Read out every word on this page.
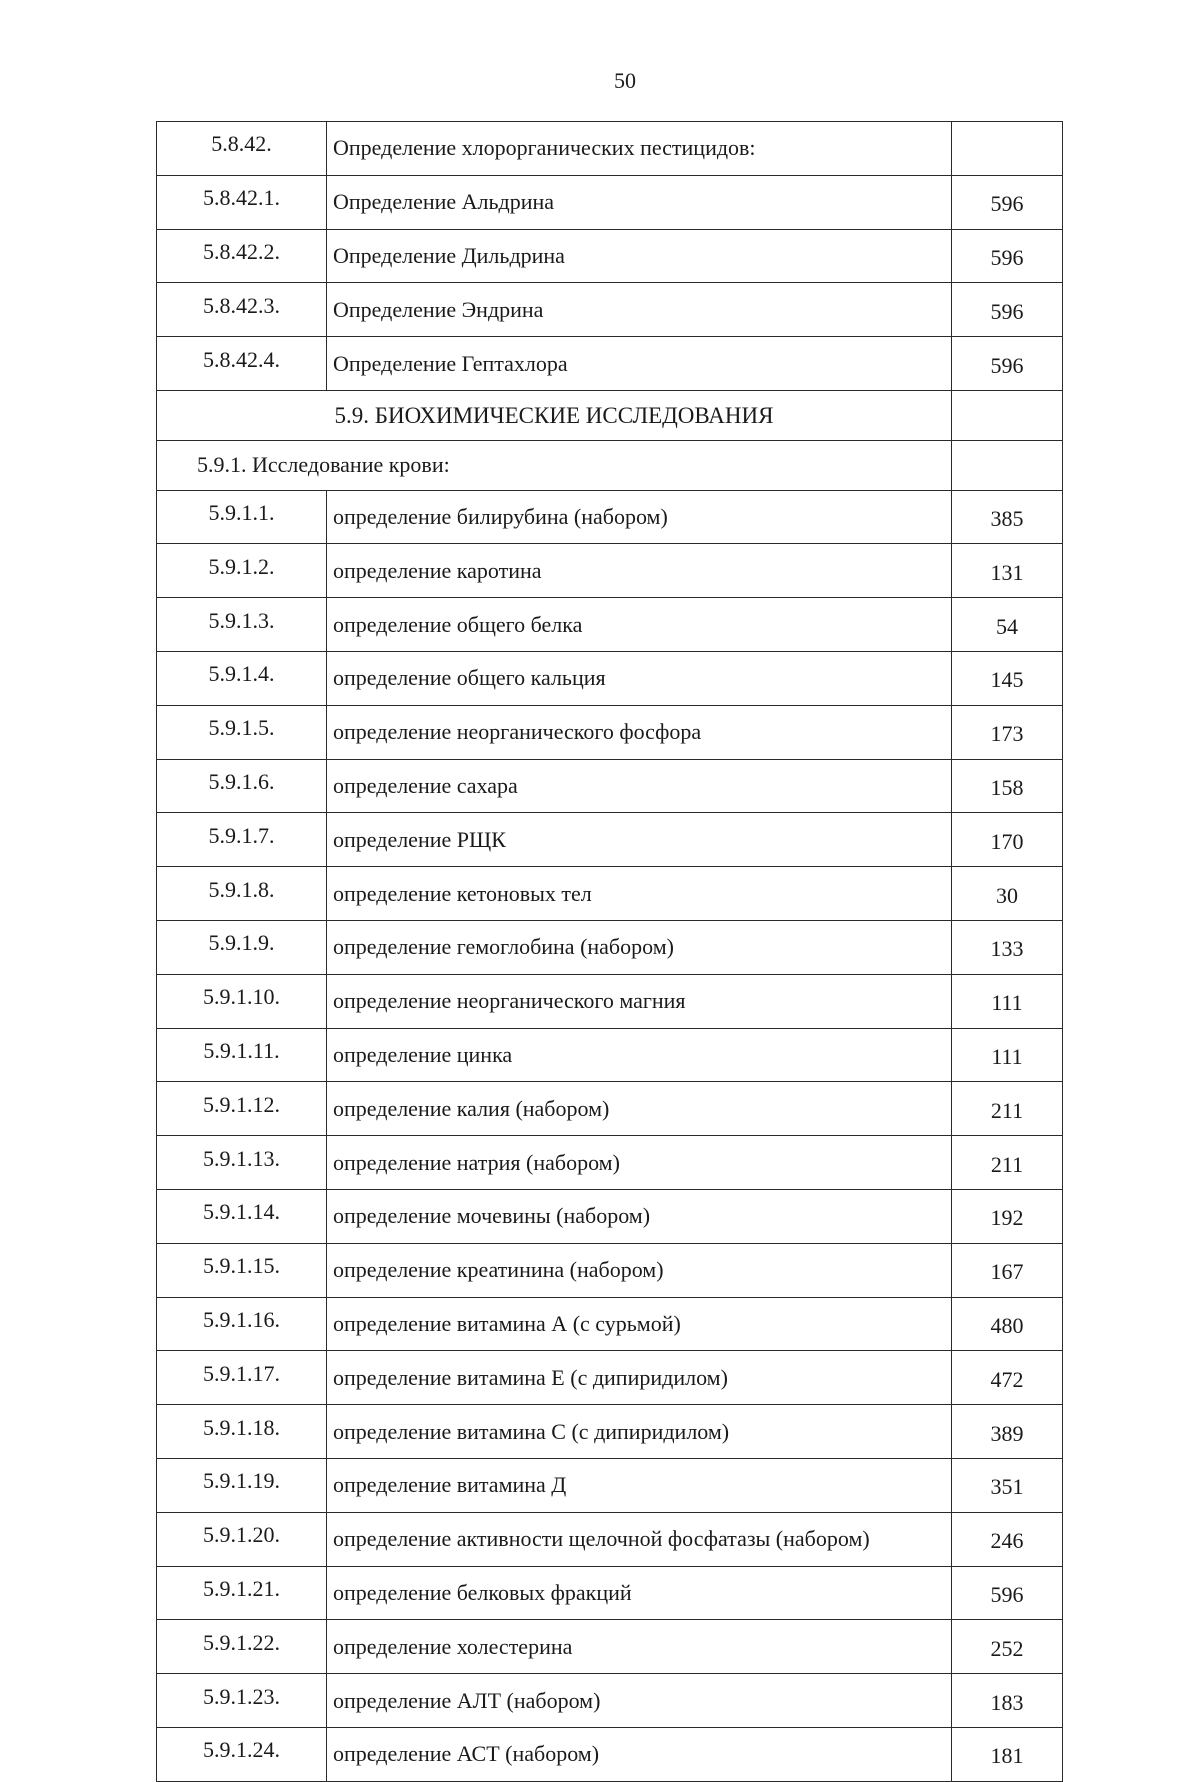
50
5.8.42.	Определение хлорорганических пестицидов:	
5.8.42.1.	Определение Альдрина	596
5.8.42.2.	Определение Дильдрина	596
5.8.42.3.	Определение Эндрина	596
5.8.42.4.	Определение Гептахлора	596
5.9. БИОХИМИЧЕСКИЕ ИССЛЕДОВАНИЯ		
5.9.1. Исследование крови:		
5.9.1.1.	определение билирубина (набором)	385
5.9.1.2.	определение каротина	131
5.9.1.3.	определение общего белка	54
5.9.1.4.	определение общего кальция	145
5.9.1.5.	определение неорганического фосфора	173
5.9.1.6.	определение сахара	158
5.9.1.7.	определение РЩК	170
5.9.1.8.	определение кетоновых тел	30
5.9.1.9.	определение гемоглобина (набором)	133
5.9.1.10.	определение неорганического магния	111
5.9.1.11.	определение цинка	111
5.9.1.12.	определение калия (набором)	211
5.9.1.13.	определение натрия (набором)	211
5.9.1.14.	определение мочевины (набором)	192
5.9.1.15.	определение креатинина (набором)	167
5.9.1.16.	определение витамина А (с сурьмой)	480
5.9.1.17.	определение витамина Е (с дипиридилом)	472
5.9.1.18.	определение витамина С (с дипиридилом)	389
5.9.1.19.	определение витамина Д	351
5.9.1.20.	определение активности щелочной фосфатазы (набором)	246
5.9.1.21.	определение белковых фракций	596
5.9.1.22.	определение холестерина	252
5.9.1.23.	определение АЛТ (набором)	183
5.9.1.24.	определение АСТ (набором)	181
